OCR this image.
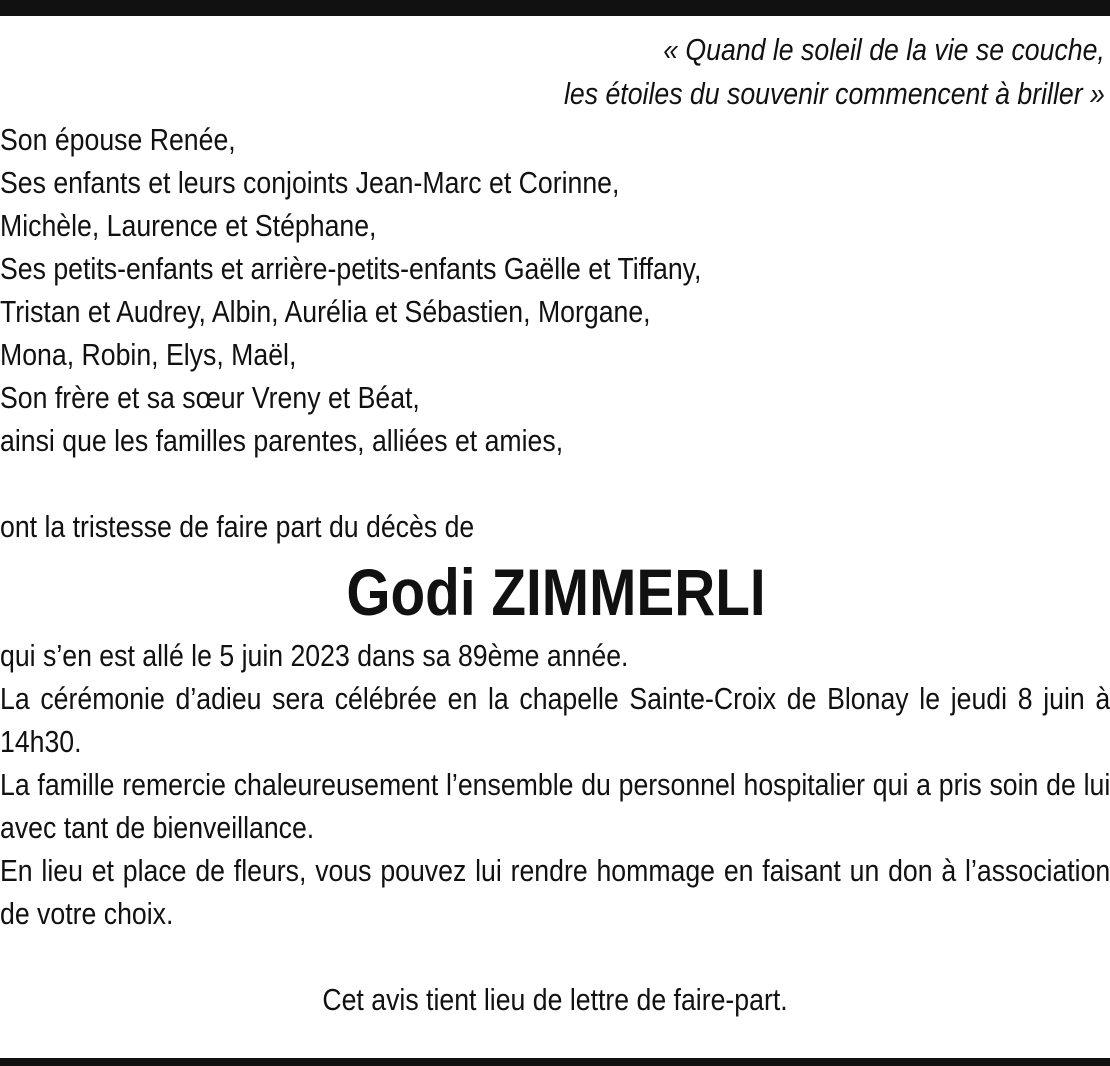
« Quand le soleil de la vie se couche,
les étoiles du souvenir commencent à briller »
Son épouse Renée,
Ses enfants et leurs conjoints Jean-Marc et Corinne,
Michèle, Laurence et Stéphane,
Ses petits-enfants et arrière-petits-enfants Gaëlle et Tiffany,
Tristan et Audrey, Albin, Aurélia et Sébastien, Morgane,
Mona, Robin, Elys, Maël,
Son frère et sa sœur Vreny et Béat,
ainsi que les familles parentes, alliées et amies,
ont la tristesse de faire part du décès de
Godi ZIMMERLI
qui s’en est allé le 5 juin 2023 dans sa 89ème année.
La cérémonie d’adieu sera célébrée en la chapelle Sainte-Croix de Blonay le jeudi 8 juin à 14h30.
La famille remercie chaleureusement l’ensemble du personnel hospitalier qui a pris soin de lui avec tant de bienveillance.
En lieu et place de fleurs, vous pouvez lui rendre hommage en faisant un don à l’association de votre choix.
Cet avis tient lieu de lettre de faire-part.
